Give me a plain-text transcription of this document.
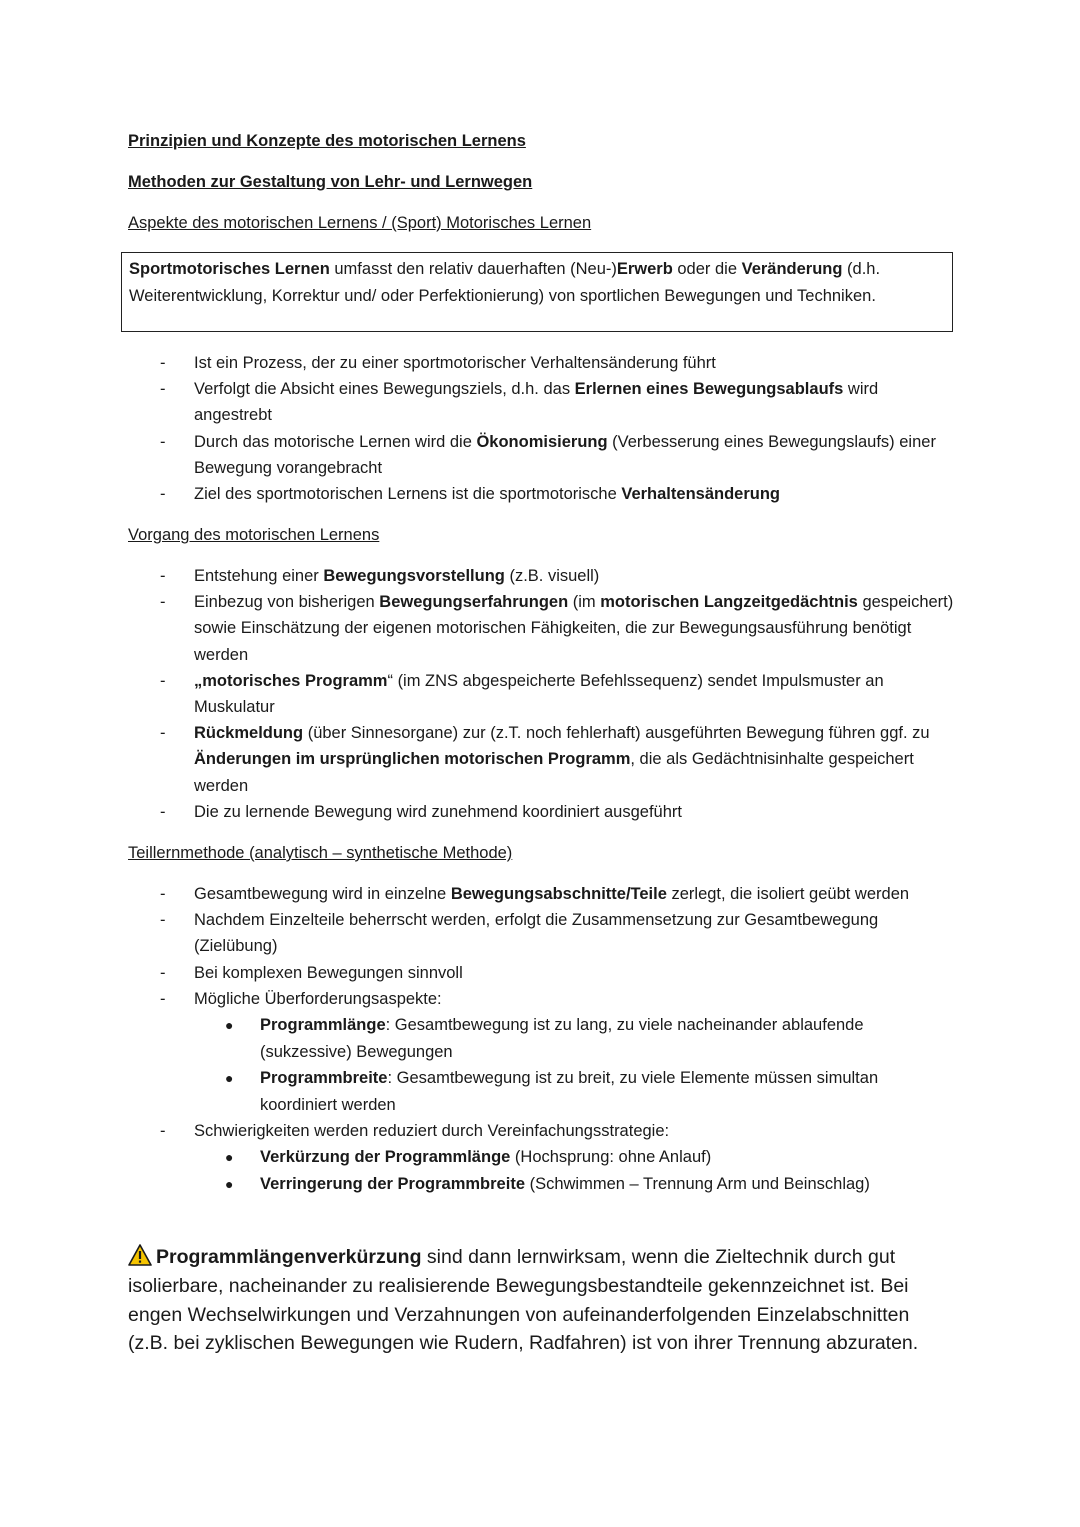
Prinzipien und Konzepte des motorischen Lernens
Methoden zur Gestaltung von Lehr- und Lernwegen
Aspekte des motorischen Lernens / (Sport) Motorisches Lernen
Sportmotorisches Lernen umfasst den relativ dauerhaften (Neu-)Erwerb oder die Veränderung (d.h. Weiterentwicklung, Korrektur und/ oder Perfektionierung) von sportlichen Bewegungen und Techniken.
- Ist ein Prozess, der zu einer sportmotorischer Verhaltensänderung führt
- Verfolgt die Absicht eines Bewegungsziels, d.h. das Erlernen eines Bewegungsablaufs wird angestrebt
- Durch das motorische Lernen wird die Ökonomisierung (Verbesserung eines Bewegungslaufs) einer Bewegung vorangebracht
- Ziel des sportmotorischen Lernens ist die sportmotorische Verhaltensänderung
Vorgang des motorischen Lernens
- Entstehung einer Bewegungsvorstellung (z.B. visuell)
- Einbezug von bisherigen Bewegungserfahrungen (im motorischen Langzeitgedächtnis gespeichert) sowie Einschätzung der eigenen motorischen Fähigkeiten, die zur Bewegungsausführung benötigt werden
- „motorisches Programm“ (im ZNS abgespeicherte Befehlssequenz) sendet Impulsmuster an Muskulatur
- Rückmeldung (über Sinnesorgane) zur (z.T. noch fehlerhaft) ausgeführten Bewegung führen ggf. zu Änderungen im ursprünglichen motorischen Programm, die als Gedächtnisinhalte gespeichert werden
- Die zu lernende Bewegung wird zunehmend koordiniert ausgeführt
Teillernmethode (analytisch – synthetische Methode)
- Gesamtbewegung wird in einzelne Bewegungsabschnitte/Teile zerlegt, die isoliert geübt werden
- Nachdem Einzelteile beherrscht werden, erfolgt die Zusammensetzung zur Gesamtbewegung (Zielübung)
- Bei komplexen Bewegungen sinnvoll
- Mögliche Überforderungsaspekte:
● Programmlänge: Gesamtbewegung ist zu lang, zu viele nacheinander ablaufende (sukzessive) Bewegungen
● Programmbreite: Gesamtbewegung ist zu breit, zu viele Elemente müssen simultan koordiniert werden
- Schwierigkeiten werden reduziert durch Vereinfachungsstrategie:
● Verkürzung der Programmlänge (Hochsprung: ohne Anlauf)
● Verringerung der Programmbreite (Schwimmen – Trennung Arm und Beinschlag)
Programmlängenverkürzung sind dann lernwirksam, wenn die Zieltechnik durch gut isolierbare, nacheinander zu realisierende Bewegungsbestandteile gekennzeichnet ist. Bei engen Wechselwirkungen und Verzahnungen von aufeinanderfolgenden Einzelabschnitten (z.B. bei zyklischen Bewegungen wie Rudern, Radfahren) ist von ihrer Trennung abzuraten.
